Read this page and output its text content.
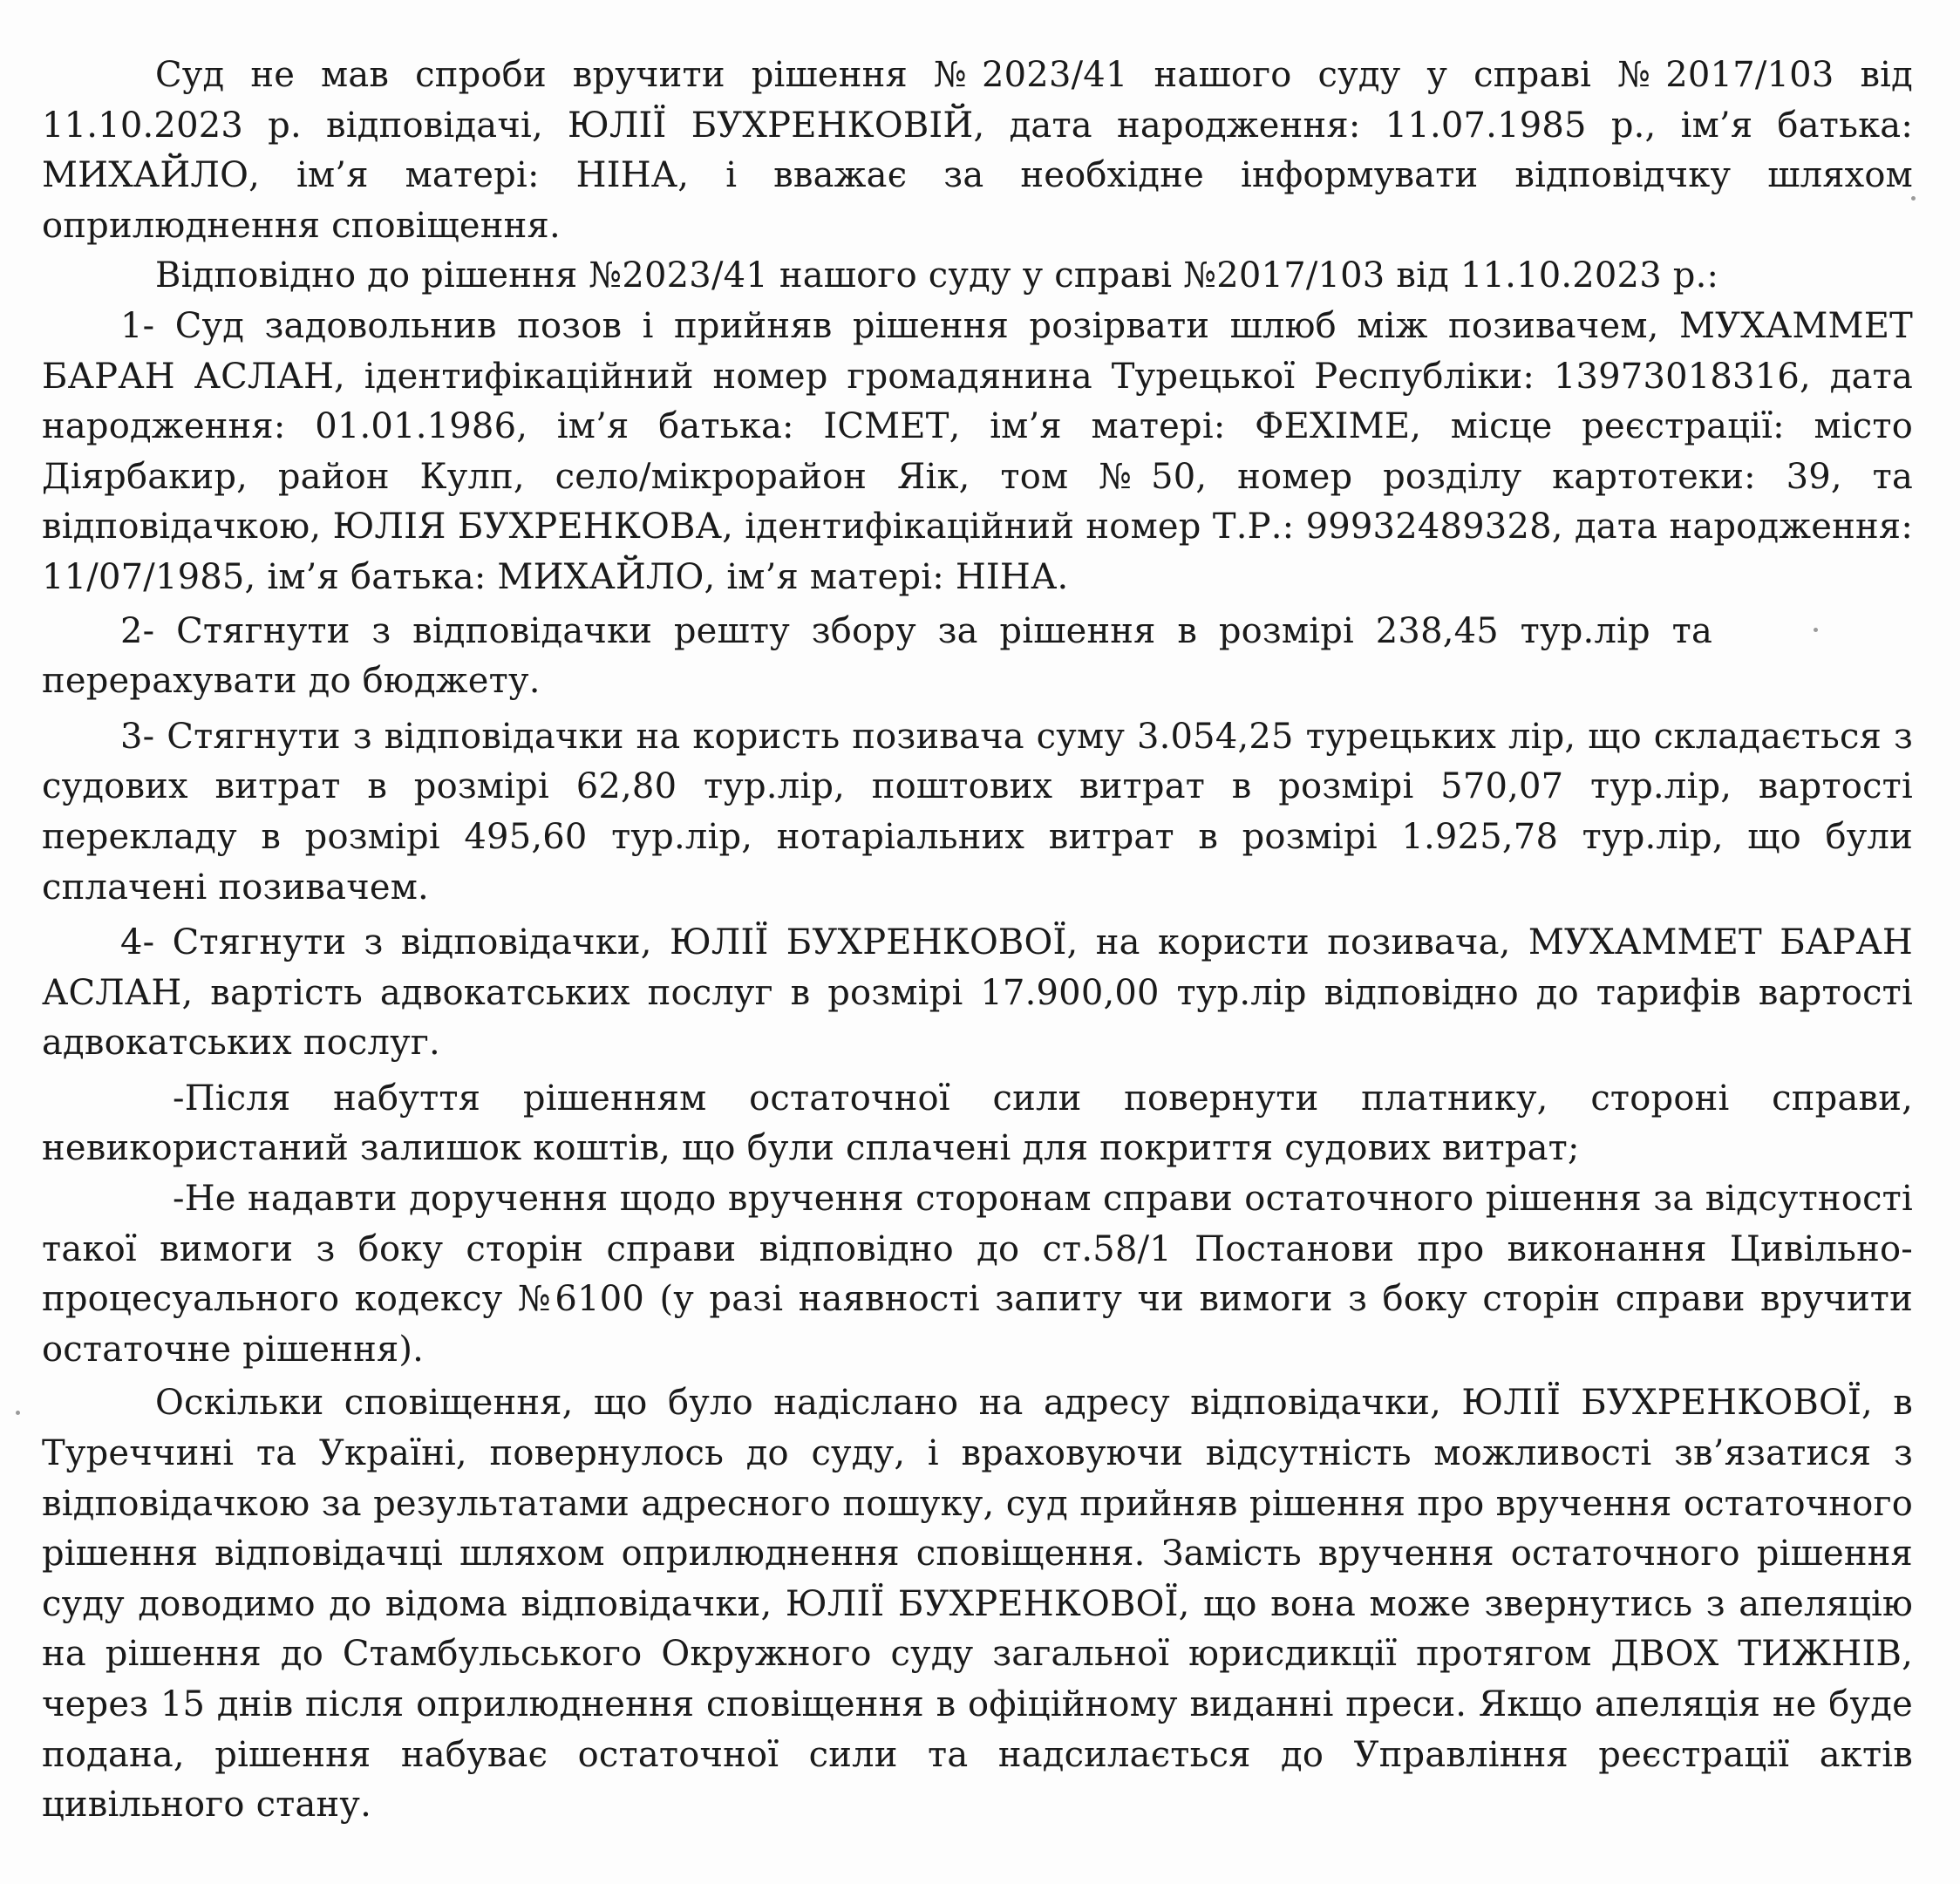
Суд не мав спроби вручити рішення №2023/41 нашого суду у справі №2017/103 від 11.10.2023 р. відповідачі, ЮЛІЇ БУХРЕНКОВІЙ, дата народження: 11.07.1985 р., ім’я батька: МИХАЙЛО, ім’я матері: НІНА, і вважає за необхідне інформувати відповідчку шляхом оприлюднення сповіщення.

Відповідно до рішення №2023/41 нашого суду у справі №2017/103 від 11.10.2023 р.:

1- Суд задовольнив позов і прийняв рішення розірвати шлюб між позивачем, МУХАММЕТ БАРАН АСЛАН, ідентифікаційний номер громадянина Турецької Республіки: 13973018316, дата народження: 01.01.1986, ім’я батька: ІСМЕТ, ім’я матері: ФЕХІМЕ, місце реєстрації: місто Діярбакир, район Кулп, село/мікрорайон Яік, том №50, номер розділу картотеки: 39, та відповідачкою, ЮЛІЯ БУХРЕНКОВА, ідентифікаційний номер Т.Р.: 99932489328, дата народження: 11/07/1985, ім’я батька: МИХАЙЛО, ім’я матері: НІНА.

2- Стягнути з відповідачки решту збору за рішення в розмірі 238,45 тур.лір та перерахувати до бюджету.

3- Стягнути з відповідачки на користь позивача суму 3.054,25 турецьких лір, що складається з судових витрат в розмірі 62,80 тур.лір, поштових витрат в розмірі 570,07 тур.лір, вартості перекладу в розмірі 495,60 тур.лір, нотаріальних витрат в розмірі 1.925,78 тур.лір, що були сплачені позивачем.

4- Стягнути з відповідачки, ЮЛІЇ БУХРЕНКОВОЇ, на користи позивача, МУХАММЕТ БАРАН АСЛАН, вартість адвокатських послуг в розмірі 17.900,00 тур.лір відповідно до тарифів вартості адвокатських послуг.

-Після набуття рішенням остаточної сили повернути платнику, стороні справи, невикористаний залишок коштів, що були сплачені для покриття судових витрат;

-Не надавти доручення щодо вручення сторонам справи остаточного рішення за відсутності такої вимоги з боку сторін справи відповідно до ст.58/1 Постанови про виконання Цивільно-процесуального кодексу №6100 (у разі наявності запиту чи вимоги з боку сторін справи вручити остаточне рішення).

Оскільки сповіщення, що було надіслано на адресу відповідачки, ЮЛІЇ БУХРЕНКОВОЇ, в Туреччині та Україні, повернулось до суду, і враховуючи відсутність можливості зв’язатися з відповідачкою за результатами адресного пошуку, суд прийняв рішення про вручення остаточного рішення відповідачці шляхом оприлюднення сповіщення. Замість вручення остаточного рішення суду доводимо до відома відповідачки, ЮЛІЇ БУХРЕНКОВОЇ, що вона може звернутись з апеляцію на рішення до Стамбульського Окружного суду загальної юрисдикції протягом ДВОХ ТИЖНІВ, через 15 днів після оприлюднення сповіщення в офіційному виданні преси. Якщо апеляція не буде подана, рішення набуває остаточної сили та надсилається до Управління реєстрації актів цивільного стану.
